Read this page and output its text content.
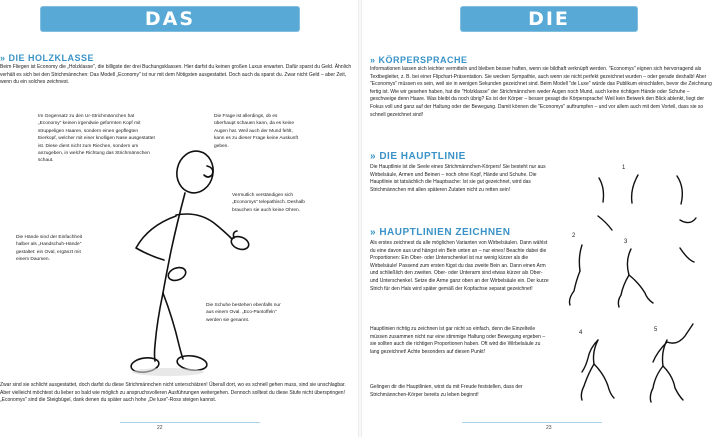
DAS EINTRITTSTICKET
» DIE HOLZKLASSE
Beim Fliegen ist Economy die „Holzklasse", die billigste der drei Buchungsklassen. Hier darfst du keinen großen Luxus erwarten. Dafür sparst du Geld. Ähnlich verhält es sich bei den Strichmännchen: Das Modell „Economy" ist nur mit dem Nötigsten ausgestattet. Doch auch da sparst du. Zwar nicht Geld – aber Zeit, wenn du ein solches zeichnest.
Im Gegensatz zu den Ur-Strichmännchen hat „Economy" keinen irgendwie geformten Kopf mit struppeligen Haaren, sondern einen gepflegten Eierkopf, welcher mit einer knolligen Nase ausgestattet ist. Diese dient nicht zum Riechen, sondern um anzugeben, in welche Richtung das Strichmännchen schaut.
Die Frage ist allerdings, ob es überhaupt schauen kann, da es keine Augen hat. Weil auch der Mund fehlt, kann es zu dieser Frage keine Auskunft geben.
Vermutlich verständigen sich „Economys" telepathisch. Deshalb brauchen sie auch keine Ohren.
Die Hände sind der Einfachheit halber als „Handschuh-Hände" gestaltet: ein Oval, ergänzt mit einem Daumen.
Die Schuhe bestehen ebenfalls nur aus einem Oval. „Eco-Pantoffeln" werden sie genannt.
Zwar sind sie schlicht ausgestattet, doch darfst du diese Strichmännchen nicht unterschätzen! Überall dort, wo es schnell gehen muss, sind sie unschlagbar. Aber vielleicht möchtest du lieber so bald wie möglich zu anspruchsvolleren Ausführungen weitergehen. Dennoch solltest du diese Stufe nicht überspringen! „Economys" sind die Steigbügel, dank denen du später auch hohe „De luxe"-Ross steigen kannst.
22
DIE HAUPTLINIE
» KÖRPERSPRACHE
Informationen lassen sich leichter vermitteln und bleiben besser haften, wenn sie bildhaft verknüpft werden. "Economys" eignen sich hervorragend als Textbegleiter, z. B. bei einer Flipchart-Präsentation. Sie wecken Sympathie, auch wenn sie nicht perfekt gezeichnet wurden – oder gerade deshalb! Aber "Economys" müssen es sein, weil sie in wenigen Sekunden gezeichnet sind. Beim Modell "de Luxe" würde das Publikum einschlafen, bevor die Zeichnung fertig ist. Wie wir gesehen haben, hat die "Holzklasse" der Strichmännchen weder Augen noch Mund, auch keine richtigen Hände oder Schuhe – geschweige denn Haare. Was bleibt da noch übrig? Es ist der Körper – besser gesagt die Körpersprache! Weil kein Beiwerk den Blick ablenkt, liegt der Fokus voll und ganz auf der Haltung oder der Bewegung. Damit können die "Economys" auftrumpfen – und vor allem auch mit dem Vorteil, dass sie so schnell gezeichnet sind!
» DIE HAUPTLINIE
Die Hauptlinie ist die Seele eines Strichmännchen-Körpers! Sie besteht nur aus Wirbelsäule, Armen und Beinen – noch ohne Kopf, Hände und Schuhe. Die Hauptlinie ist tatsächlich die Hauptsache: Ist sie gut gezeichnet, wird das Strichmännchen mit allen späteren Zutaten nicht zu retten sein!
» HAUPTLINIEN ZEICHNEN
Als erstes zeichnest du alle möglichen Varianten von Wirbelsäulen. Dann wählst du eine davon aus und hängst ein Bein unten an – nur eines! Beachte dabei die Proportionen: Ein Ober- oder Unterschenkel ist nur wenig kürzer als die Wirbelsäule! Passend zum ersten fügst du das zweite Bein an. Dann einen Arm und schließlich den zweiten. Ober- oder Unterarm sind etwas kürzer als Ober- und Unterschenkel. Setze die Arme ganz oben an der Wirbelsäule ein. Der kurze Strich für den Hals wird später gemäß der Kopfachse separat gezeichnet!
Hauptlinien richtig zu zeichnen ist gar nicht so einfach, denn die Einzelteile müssen zusammen nicht nur eine stimmige Haltung oder Bewegung ergeben – sie sollten auch die richtigen Proportionen haben. Oft wird die Wirbelsäule zu lang gezeichnet! Achte besonders auf diesen Punkt!
Gelingen dir die Hauptlinien, wirst du mit Freude feststellen, dass der Strichmännchen-Körper bereits zu leben beginnt!
1
2
3
4	5
23
